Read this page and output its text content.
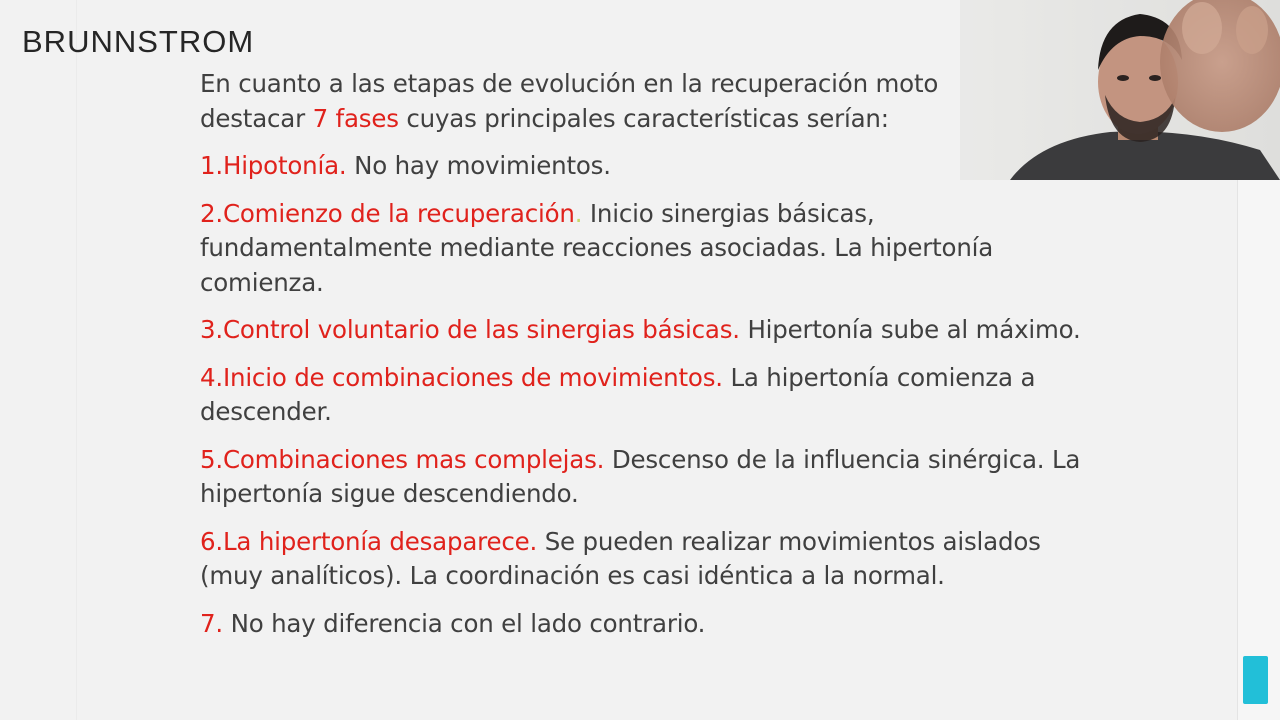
BRUNNSTROM

En cuanto a las etapas de evolución en la recuperación moto
destacar 7 fases cuyas principales características serían:

1.Hipotonía. No hay movimientos.

2.Comienzo de la recuperación. Inicio sinergias básicas, fundamentalmente mediante reacciones asociadas. La hipertonía comienza.

3.Control voluntario de las sinergias básicas. Hipertonía sube al máximo.

4.Inicio de combinaciones de movimientos. La hipertonía comienza a descender.

5.Combinaciones mas complejas. Descenso de la influencia sinérgica. La hipertonía sigue descendiendo.

6.La hipertonía desaparece. Se pueden realizar movimientos aislados (muy analíticos). La coordinación es casi idéntica a la normal.

7. No hay diferencia con el lado contrario.
